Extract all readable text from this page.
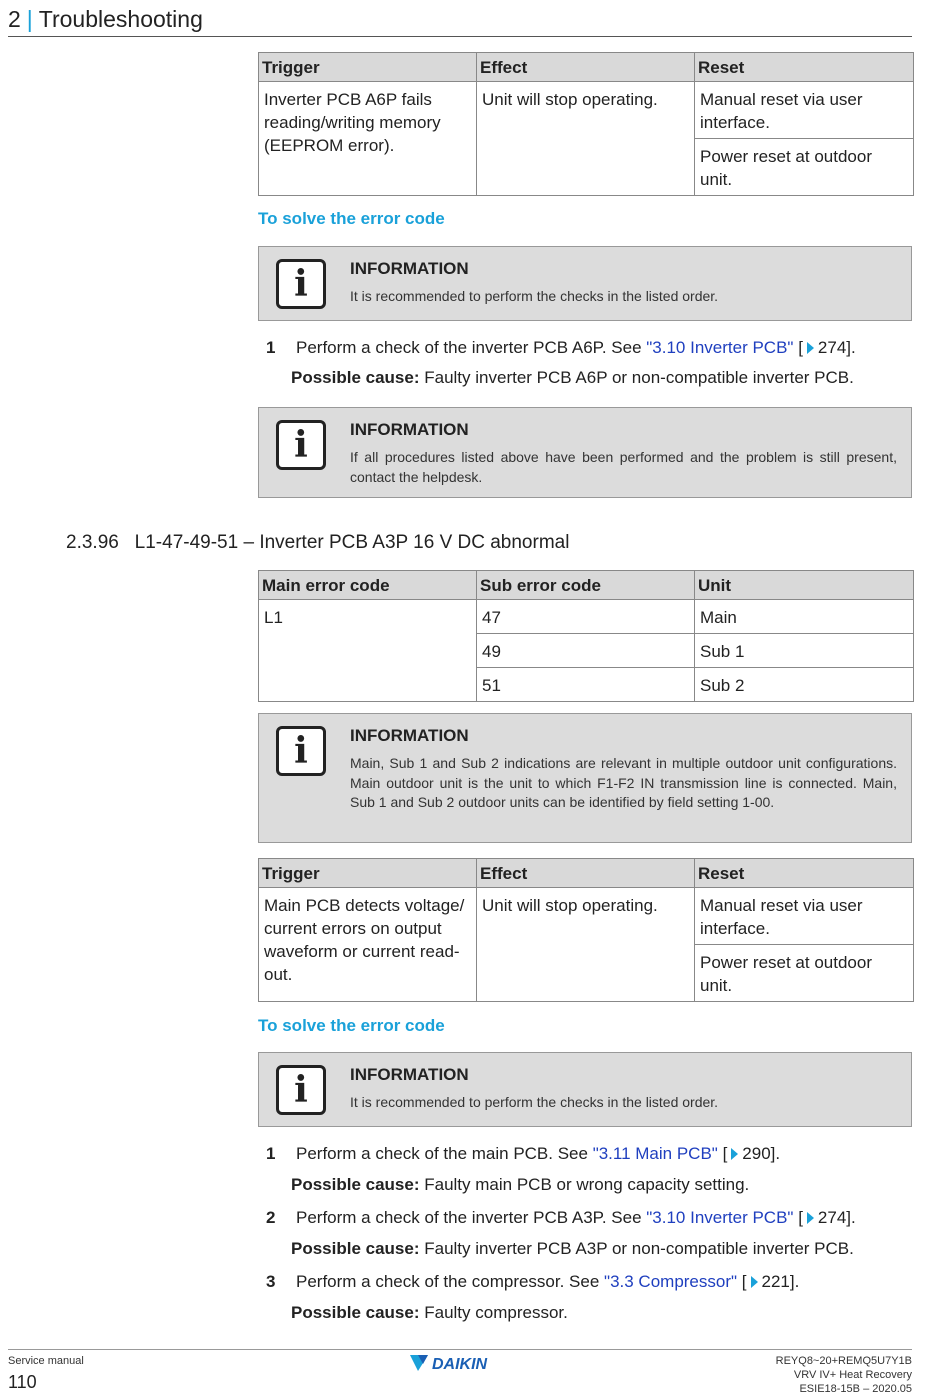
2 | Troubleshooting
Trigger	Effect	Reset
Inverter PCB A6P fails reading/writing memory (EEPROM error).	Unit will stop operating.	Manual reset via user interface.
		Power reset at outdoor unit.
To solve the error code
i	INFORMATION
It is recommended to perform the checks in the listed order.
1 Perform a check of the inverter PCB A6P. See "3.10 Inverter PCB" [ 274].
Possible cause: Faulty inverter PCB A6P or non-compatible inverter PCB.
i	INFORMATION
If all procedures listed above have been performed and the problem is still present, contact the helpdesk.
2.3.96 L1-47-49-51 – Inverter PCB A3P 16 V DC abnormal
Main error code	Sub error code	Unit
L1	47	Main
	49	Sub 1
	51	Sub 2
i	INFORMATION
Main, Sub 1 and Sub 2 indications are relevant in multiple outdoor unit configurations. Main outdoor unit is the unit to which F1-F2 IN transmission line is connected. Main, Sub 1 and Sub 2 outdoor units can be identified by field setting 1-00.
Trigger	Effect	Reset
Main PCB detects voltage/ current errors on output waveform or current read-out.	Unit will stop operating.	Manual reset via user interface.
		Power reset at outdoor unit.
To solve the error code
i	INFORMATION
It is recommended to perform the checks in the listed order.
1 Perform a check of the main PCB. See "3.11 Main PCB" [ 290].
Possible cause: Faulty main PCB or wrong capacity setting.
2 Perform a check of the inverter PCB A3P. See "3.10 Inverter PCB" [ 274].
Possible cause: Faulty inverter PCB A3P or non-compatible inverter PCB.
3 Perform a check of the compressor. See "3.3 Compressor" [ 221].
Possible cause: Faulty compressor.
Service manual
110
DAIKIN	REYQ8~20+REMQ5U7Y1B
VRV IV+ Heat Recovery
ESIE18-15B – 2020.05
